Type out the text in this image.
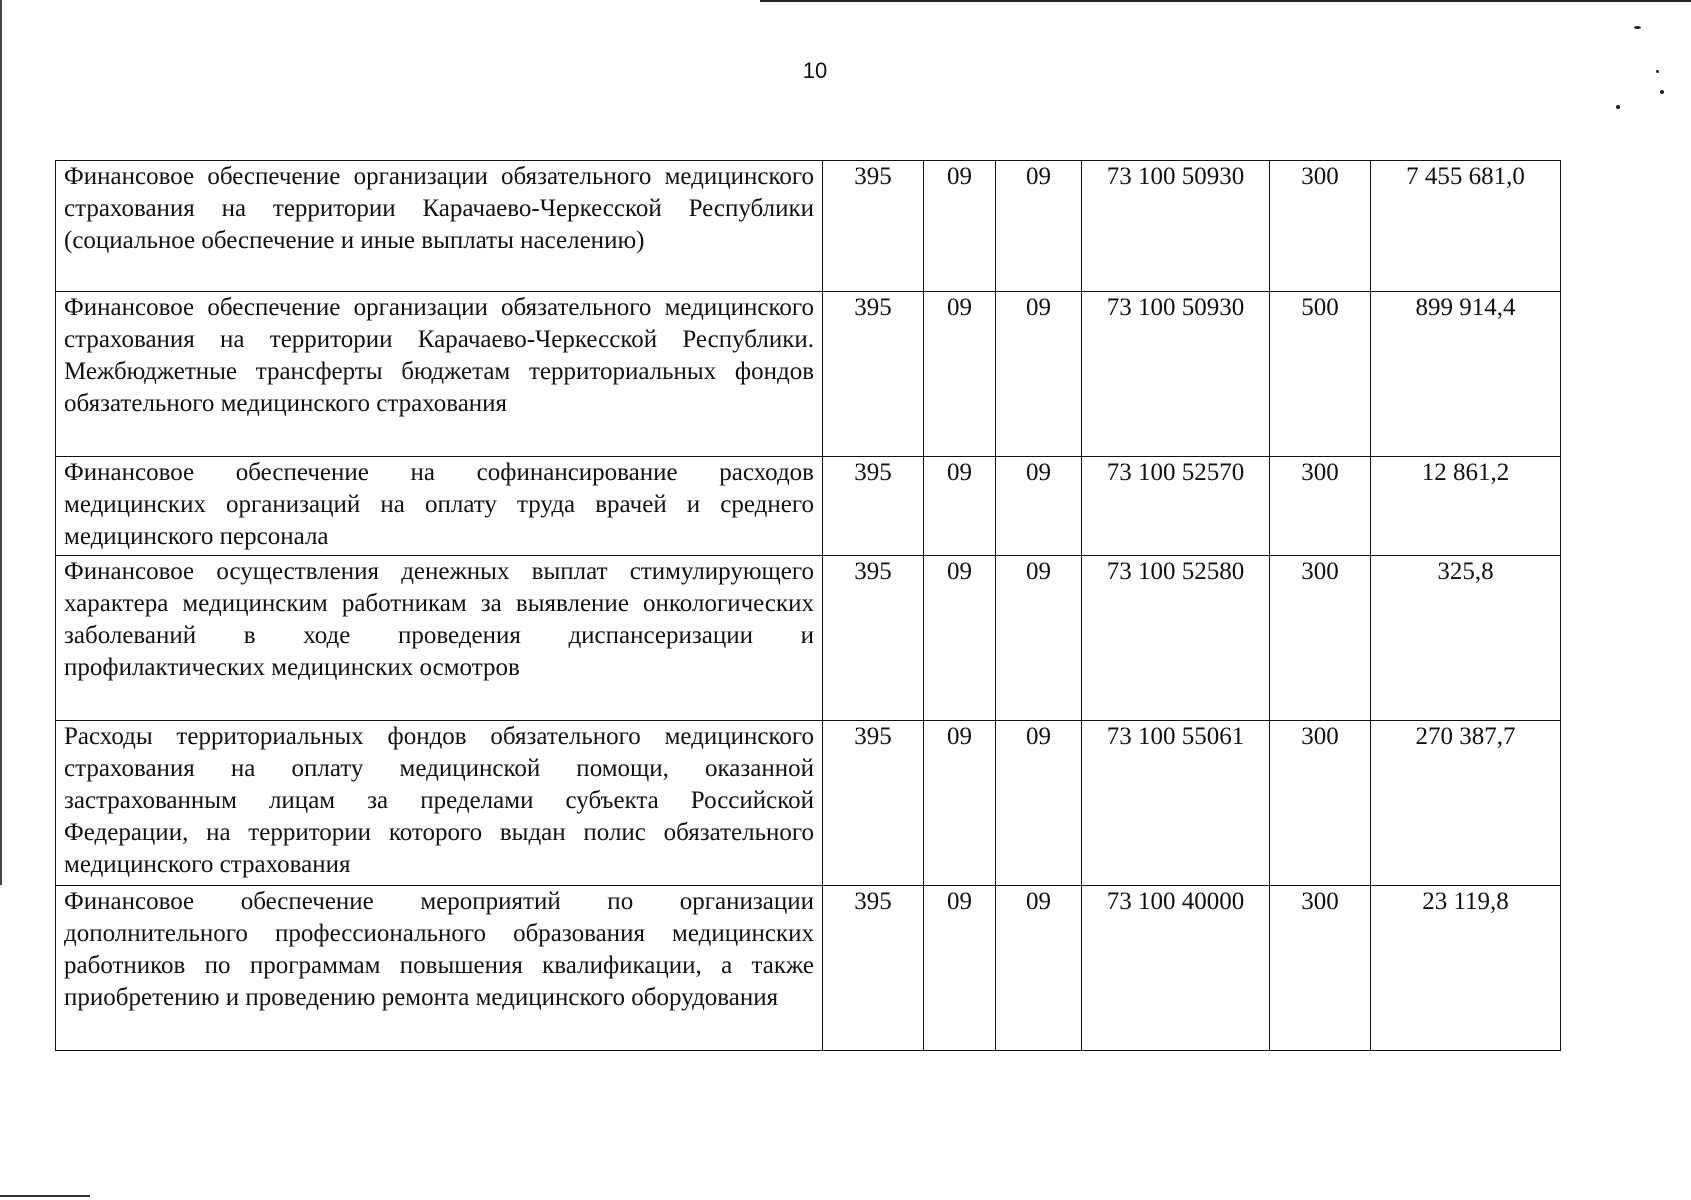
10
Финансовое обеспечение организации обязательного медицинского страхования на территории Карачаево-Черкесской Республики (социальное обеспечение и иные выплаты населению)	395	09	09	73 100 50930	300	7 455 681,0
Финансовое обеспечение организации обязательного медицинского страхования на территории Карачаево-Черкесской Республики. Межбюджетные трансферты бюджетам территориальных фондов обязательного медицинского страхования	395	09	09	73 100 50930	500	899 914,4
Финансовое обеспечение на софинансирование расходов медицинских организаций на оплату труда врачей и среднего медицинского персонала	395	09	09	73 100 52570	300	12 861,2
Финансовое осуществления денежных выплат стимулирующего характера медицинским работникам за выявление онкологических заболеваний в ходе проведения диспансеризации и профилактических медицинских осмотров	395	09	09	73 100 52580	300	325,8
Расходы территориальных фондов обязательного медицинского страхования на оплату медицинской помощи, оказанной застрахованным лицам за пределами субъекта Российской Федерации, на территории которого выдан полис обязательного медицинского страхования	395	09	09	73 100 55061	300	270 387,7
Финансовое обеспечение мероприятий по организации дополнительного профессионального образования медицинских работников по программам повышения квалификации, а также приобретению и проведению ремонта медицинского оборудования	395	09	09	73 100 40000	300	23 119,8
